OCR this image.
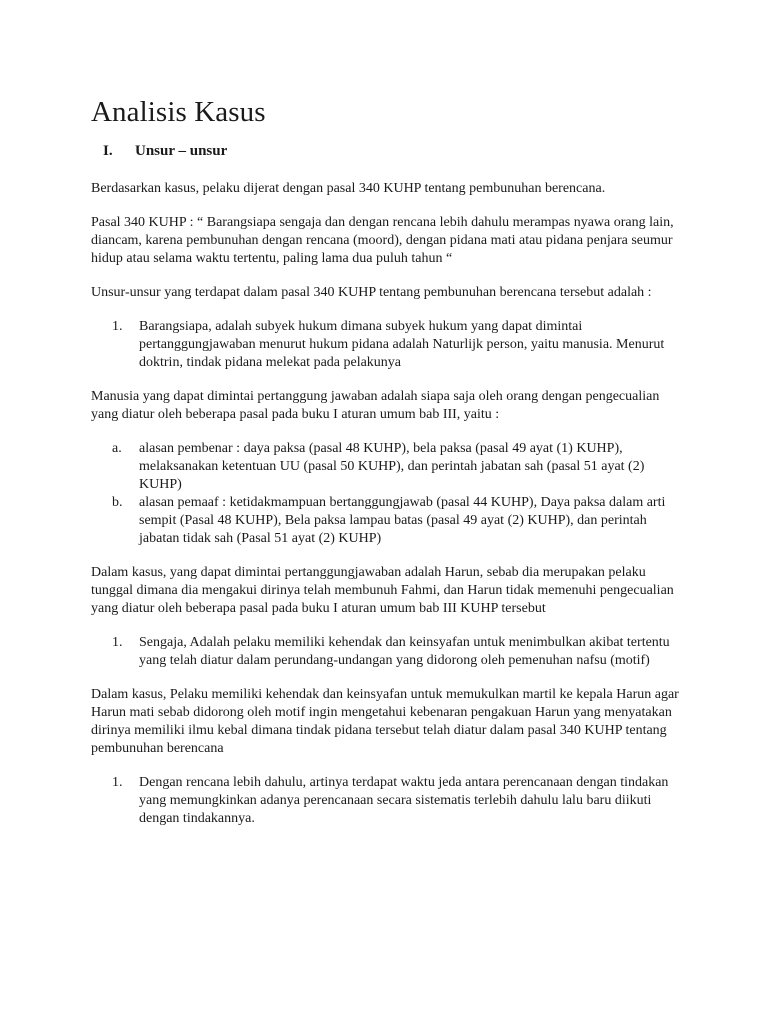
Analisis Kasus
I.	Unsur – unsur

Berdasarkan kasus, pelaku dijerat dengan pasal 340 KUHP tentang pembunuhan berencana.

Pasal 340 KUHP : “ Barangsiapa sengaja dan dengan rencana lebih dahulu merampas nyawa orang lain, diancam, karena pembunuhan dengan rencana (moord), dengan pidana mati atau pidana penjara seumur hidup atau selama waktu tertentu, paling lama dua puluh tahun “

Unsur-unsur yang terdapat dalam pasal 340 KUHP tentang pembunuhan berencana tersebut adalah :

1.	Barangsiapa, adalah subyek hukum dimana subyek hukum yang dapat dimintai pertanggungjawaban menurut hukum pidana adalah Naturlijk person, yaitu manusia. Menurut doktrin, tindak pidana melekat pada pelakunya

Manusia yang dapat dimintai pertanggung jawaban adalah siapa saja oleh orang dengan pengecualian yang diatur oleh beberapa pasal pada buku I aturan umum bab III, yaitu :

a.	alasan pembenar : daya paksa (pasal 48 KUHP), bela paksa (pasal 49 ayat (1) KUHP), melaksanakan ketentuan UU (pasal 50 KUHP), dan perintah jabatan sah (pasal 51 ayat (2) KUHP)
b.	alasan pemaaf : ketidakmampuan bertanggungjawab (pasal 44 KUHP), Daya paksa dalam arti sempit (Pasal 48 KUHP), Bela paksa lampau batas (pasal 49 ayat (2) KUHP), dan perintah jabatan tidak sah (Pasal 51 ayat (2) KUHP)

Dalam kasus, yang dapat dimintai pertanggungjawaban adalah Harun, sebab dia merupakan pelaku tunggal dimana dia mengakui dirinya telah membunuh Fahmi, dan Harun tidak memenuhi pengecualian yang diatur oleh beberapa pasal pada buku I aturan umum bab III KUHP tersebut

1.	Sengaja, Adalah pelaku memiliki kehendak dan keinsyafan untuk menimbulkan akibat tertentu yang telah diatur dalam perundang-undangan yang didorong oleh pemenuhan nafsu (motif)

Dalam kasus, Pelaku memiliki kehendak dan keinsyafan untuk memukulkan martil ke kepala Harun agar Harun mati sebab didorong oleh motif ingin mengetahui kebenaran pengakuan Harun yang menyatakan dirinya memiliki ilmu kebal dimana tindak pidana tersebut telah diatur dalam pasal 340 KUHP tentang pembunuhan berencana

1.	Dengan rencana lebih dahulu, artinya terdapat waktu jeda antara perencanaan dengan tindakan yang memungkinkan adanya perencanaan secara sistematis terlebih dahulu lalu baru diikuti dengan tindakannya.
